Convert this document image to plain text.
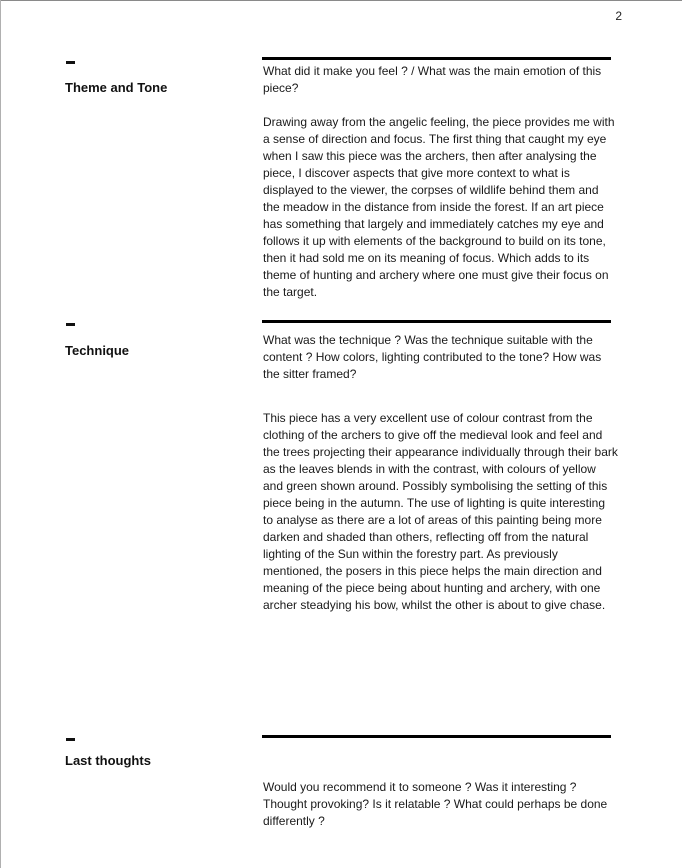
2
Theme and Tone

What did it make you feel ? / What was the main emotion of this piece?

Drawing away from the angelic feeling, the piece provides me with a sense of direction and focus. The first thing that caught my eye when I saw this piece was the archers, then after analysing the piece, I discover aspects that give more context to what is displayed to the viewer, the corpses of wildlife behind them and the meadow in the distance from inside the forest. If an art piece has something that largely and immediately catches my eye and follows it up with elements of the background to build on its tone, then it had sold me on its meaning of focus. Which adds to its theme of hunting and archery where one must give their focus on the target.

Technique

What was the technique ? Was the technique suitable with the content ? How colors, lighting contributed to the tone? How was the sitter framed?

This piece has a very excellent use of colour contrast from the clothing of the archers to give off the medieval look and feel and the trees projecting their appearance individually through their bark as the leaves blends in with the contrast, with colours of yellow and green shown around. Possibly symbolising the setting of this piece being in the autumn. The use of lighting is quite interesting to analyse as there are a lot of areas of this painting being more darken and shaded than others, reflecting off from the natural lighting of the Sun within the forestry part. As previously mentioned, the posers in this piece helps the main direction and meaning of the piece being about hunting and archery, with one archer steadying his bow, whilst the other is about to give chase.

Last thoughts

Would you recommend it to someone ? Was it interesting ? Thought provoking? Is it relatable ? What could perhaps be done differently ?
